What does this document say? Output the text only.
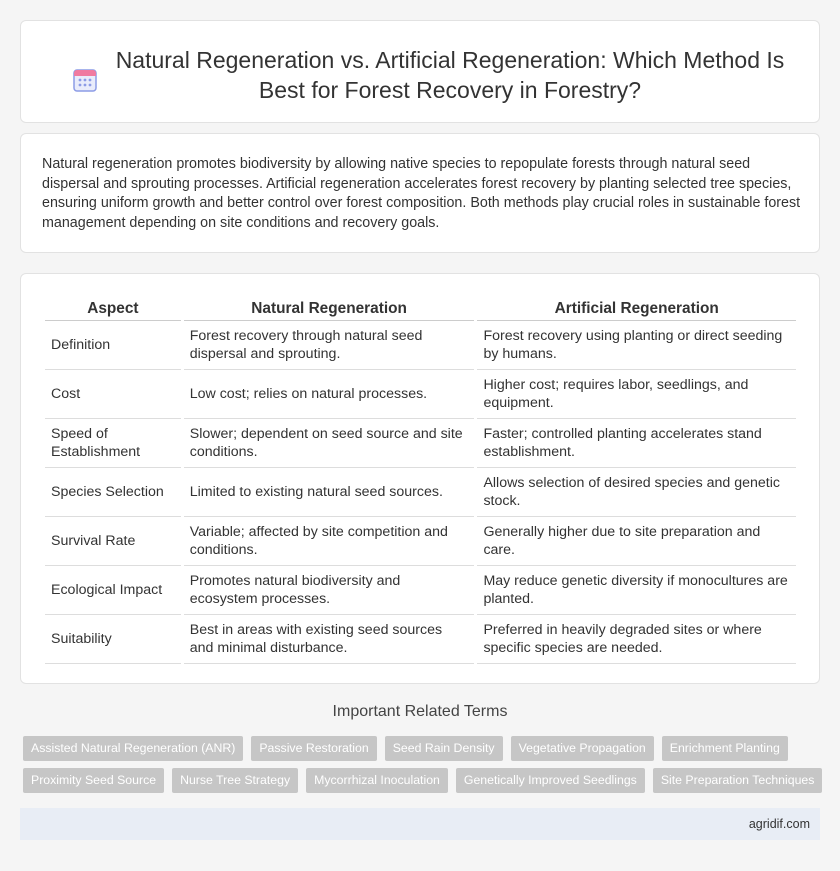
Natural Regeneration vs. Artificial Regeneration: Which Method Is Best for Forest Recovery in Forestry?

Natural regeneration promotes biodiversity by allowing native species to repopulate forests through natural seed dispersal and sprouting processes. Artificial regeneration accelerates forest recovery by planting selected tree species, ensuring uniform growth and better control over forest composition. Both methods play crucial roles in sustainable forest management depending on site conditions and recovery goals.

Aspect	Natural Regeneration	Artificial Regeneration
Definition	Forest recovery through natural seed dispersal and sprouting.	Forest recovery using planting or direct seeding by humans.
Cost	Low cost; relies on natural processes.	Higher cost; requires labor, seedlings, and equipment.
Speed of Establishment	Slower; dependent on seed source and site conditions.	Faster; controlled planting accelerates stand establishment.
Species Selection	Limited to existing natural seed sources.	Allows selection of desired species and genetic stock.
Survival Rate	Variable; affected by site competition and conditions.	Generally higher due to site preparation and care.
Ecological Impact	Promotes natural biodiversity and ecosystem processes.	May reduce genetic diversity if monocultures are planted.
Suitability	Best in areas with existing seed sources and minimal disturbance.	Preferred in heavily degraded sites or where specific species are needed.
Important Related Terms
Assisted Natural Regeneration (ANR)	Passive Restoration	Seed Rain Density	Vegetative Propagation	Enrichment Planting
Proximity Seed Source	Nurse Tree Strategy	Mycorrhizal Inoculation	Genetically Improved Seedlings	Site Preparation Techniques
agridif.com
